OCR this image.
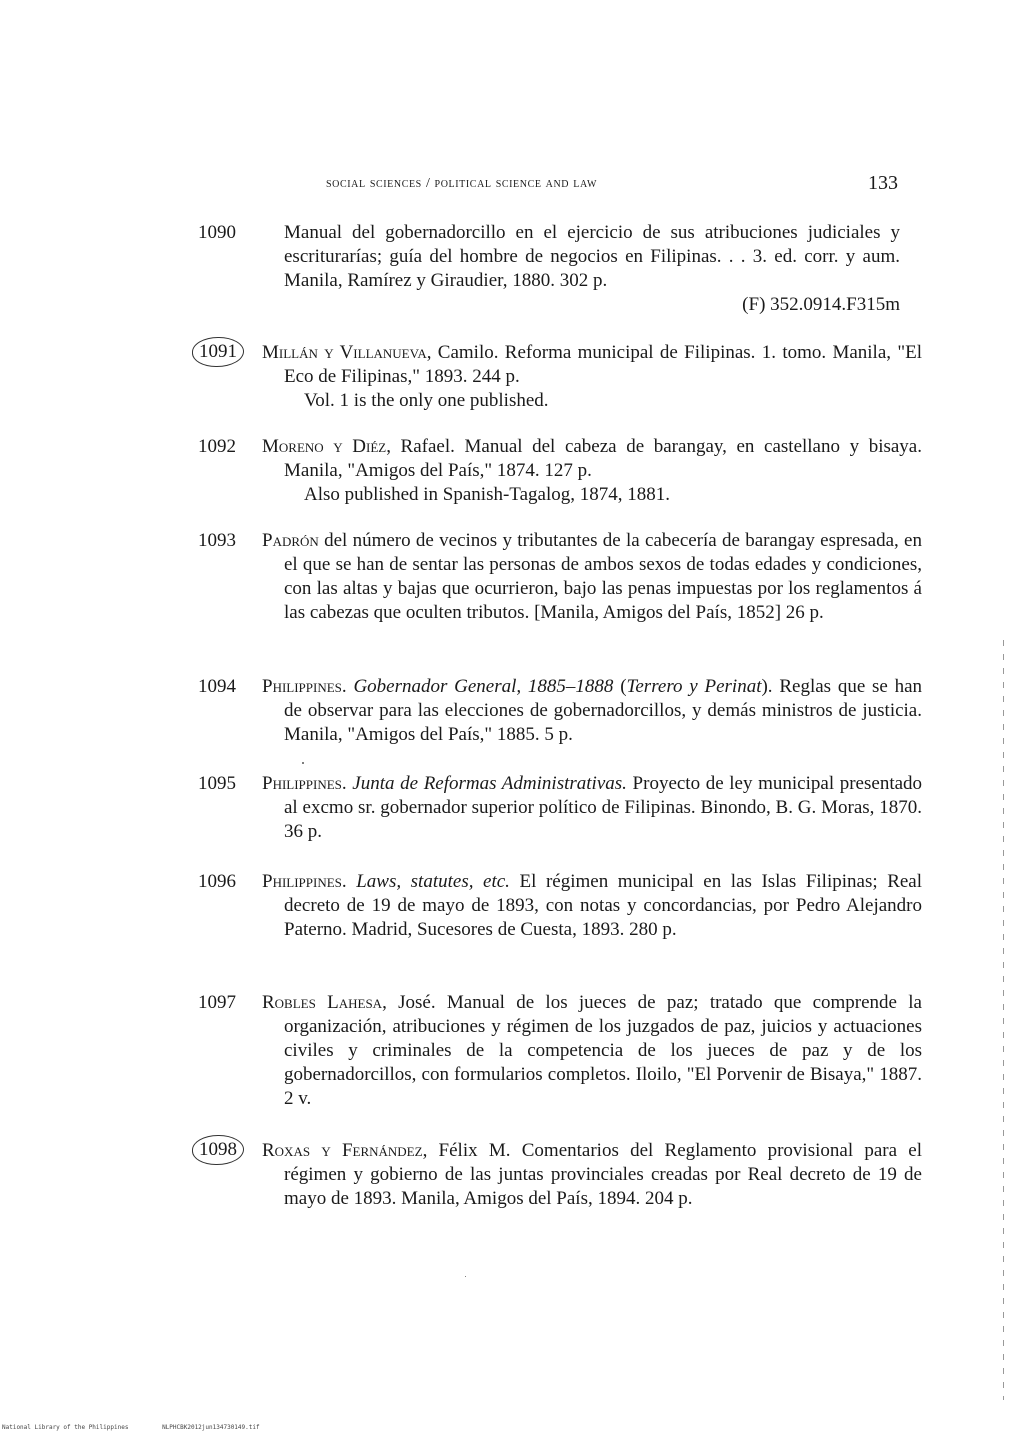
social sciences / political science and law	133
1090	Manual del gobernadorcillo en el ejercicio de sus atribuciones judiciales y escriturarías; guía del hombre de negocios en Filipinas. . . 3. ed. corr. y aum. Manila, Ramírez y Giraudier, 1880. 302 p.
(F) 352.0914.F315m
1091	Millán y Villanueva, Camilo. Reforma municipal de Filipinas. 1. tomo. Manila, "El Eco de Filipinas," 1893. 244 p.
Vol. 1 is the only one published.
1092 Moreno y Diéz, Rafael. Manual del cabeza de barangay, en castellano y bisaya. Manila, "Amigos del País," 1874. 127 p.
Also published in Spanish-Tagalog, 1874, 1881.
1093 Padrón del número de vecinos y tributantes de la cabecería de barangay espresada, en el que se han de sentar las personas de ambos sexos de todas edades y condiciones, con las altas y bajas que ocurrieron, bajo las penas impuestas por los reglamentos á las cabezas que oculten tributos. [Manila, Amigos del País, 1852] 26 p.
1094 Philippines. Gobernador General, 1885–1888 (Terrero y Perinat). Reglas que se han de observar para las elecciones de gobernadorcillos, y demás ministros de justicia. Manila, "Amigos del País," 1885. 5 p.
1095 Philippines. Junta de Reformas Administrativas. Proyecto de ley municipal presentado al excmo sr. gobernador superior político de Filipinas. Binondo, B. G. Moras, 1870. 36 p.
1096 Philippines. Laws, statutes, etc. El régimen municipal en las Islas Filipinas; Real decreto de 19 de mayo de 1893, con notas y concordancias, por Pedro Alejandro Paterno. Madrid, Sucesores de Cuesta, 1893. 280 p.
1097 Robles Lahesa, José. Manual de los jueces de paz; tratado que comprende la organización, atribuciones y régimen de los juzgados de paz, juicios y actuaciones civiles y criminales de la competencia de los jueces de paz y de los gobernadorcillos, con formularios completos. Iloilo, "El Porvenir de Bisaya," 1887. 2 v.
1098	Roxas y Fernández, Félix M. Comentarios del Reglamento provisional para el régimen y gobierno de las juntas provinciales creadas por Real decreto de 19 de mayo de 1893. Manila, Amigos del País, 1894. 204 p.
National Library of the Philippines	NLPHCBK2012jun134730149.tif
